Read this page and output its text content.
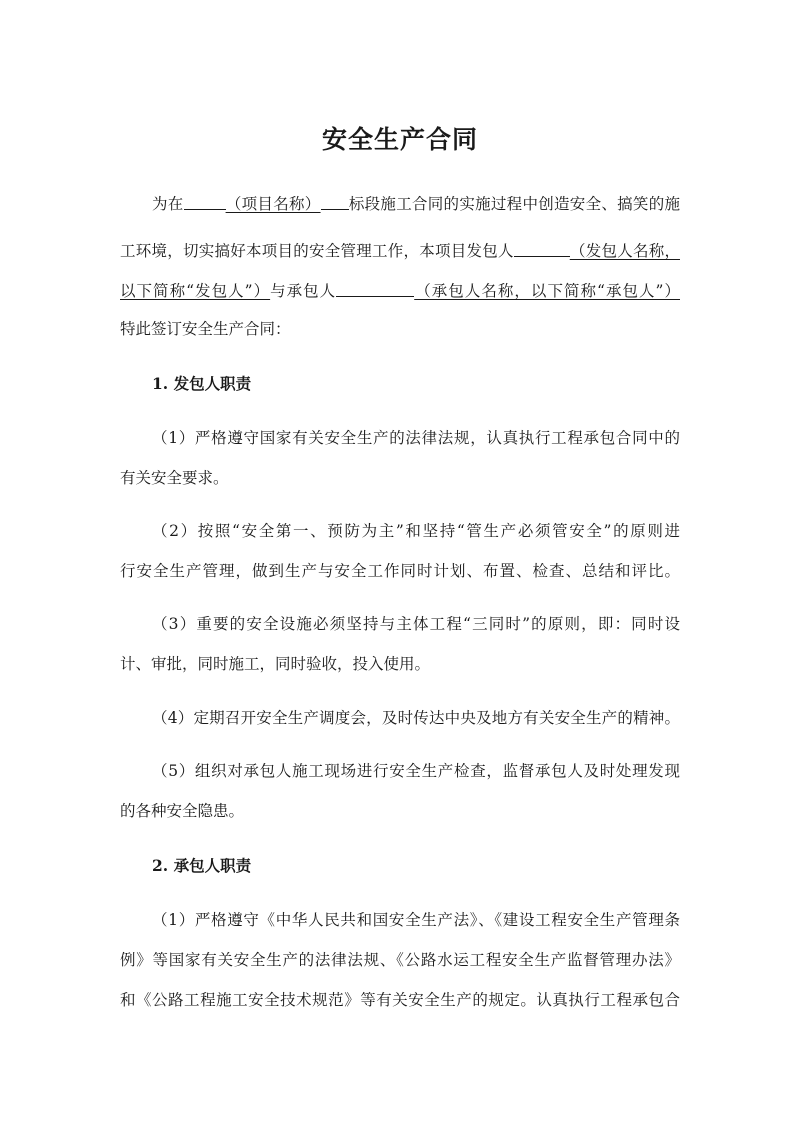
安全生产合同
为在	（项目名称） 标段施工合同的实施过程中创造安全、搞笑的施
工环境，切实搞好本项目的安全管理工作，本项目发包人	（发包人名称，
以下简称“发包人”）与承包人	（承包人名称，以下简称“承包人”）
特此签订安全生产合同：
1. 发包人职责
（1）严格遵守国家有关安全生产的法律法规，认真执行工程承包合同中的
有关安全要求。
（2）按照“安全第一、预防为主”和坚持“管生产必须管安全”的原则进
行安全生产管理，做到生产与安全工作同时计划、布置、检查、总结和评比。
（3）重要的安全设施必须坚持与主体工程“三同时”的原则，即：同时设
计、审批，同时施工，同时验收，投入使用。
（4）定期召开安全生产调度会，及时传达中央及地方有关安全生产的精神。
（5）组织对承包人施工现场进行安全生产检查，监督承包人及时处理发现
的各种安全隐患。
2. 承包人职责
（1）严格遵守《中华人民共和国安全生产法》、《建设工程安全生产管理条
例》等国家有关安全生产的法律法规、《公路水运工程安全生产监督管理办法》
和《公路工程施工安全技术规范》等有关安全生产的规定。认真执行工程承包合
